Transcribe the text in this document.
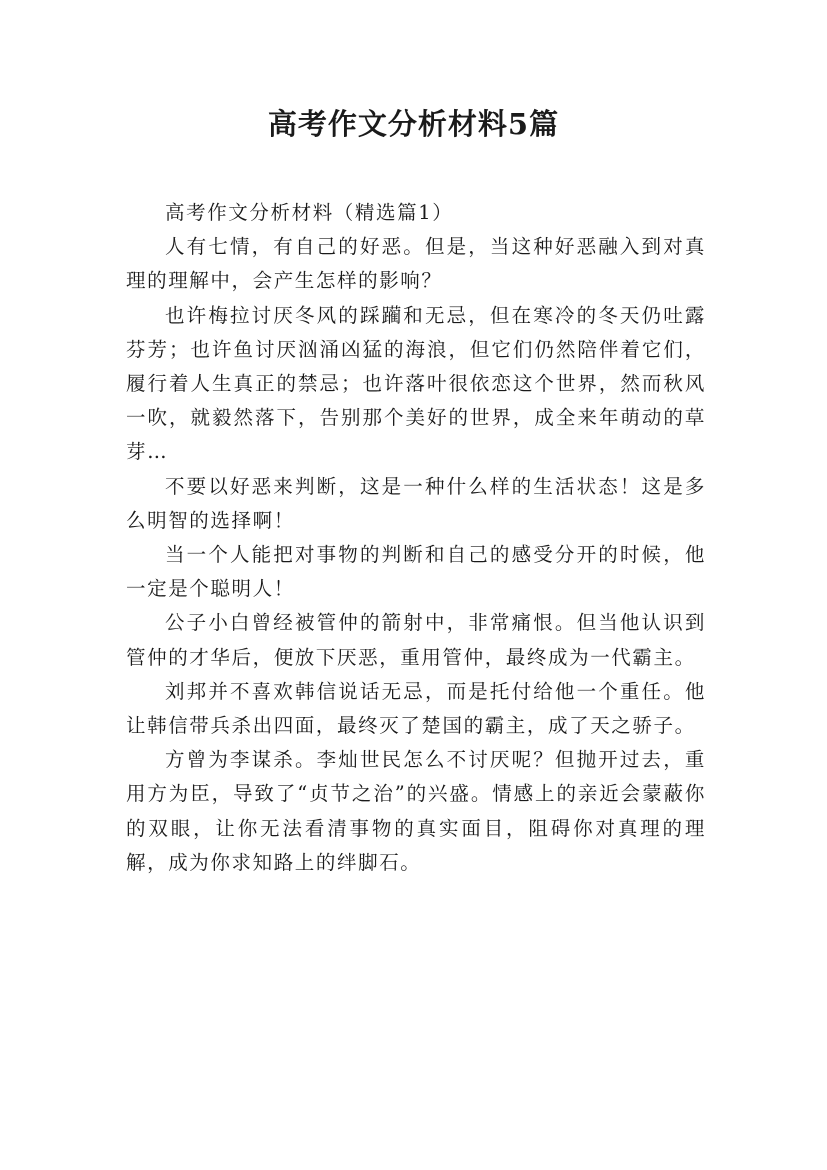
高考作文分析材料5篇

高考作文分析材料（精选篇1）

人有七情，有自己的好恶。但是，当这种好恶融入到对真理的理解中，会产生怎样的影响？

也许梅拉讨厌冬风的踩躏和无忌，但在寒冷的冬天仍吐露芬芳；也许鱼讨厌汹涌凶猛的海浪，但它们仍然陪伴着它们，履行着人生真正的禁忌；也许落叶很依恋这个世界，然而秋风一吹，就毅然落下，告别那个美好的世界，成全来年萌动的草芽…

不要以好恶来判断，这是一种什么样的生活状态！这是多么明智的选择啊！

当一个人能把对事物的判断和自己的感受分开的时候，他一定是个聪明人！

公子小白曾经被管仲的箭射中，非常痛恨。但当他认识到管仲的才华后，便放下厌恶，重用管仲，最终成为一代霸主。

刘邦并不喜欢韩信说话无忌，而是托付给他一个重任。他让韩信带兵杀出四面，最终灭了楚国的霸主，成了天之骄子。

方曾为李谋杀。李灿世民怎么不讨厌呢？但抛开过去，重用方为臣，导致了“贞节之治”的兴盛。情感上的亲近会蒙蔽你的双眼，让你无法看清事物的真实面目，阻碍你对真理的理解，成为你求知路上的绊脚石。
